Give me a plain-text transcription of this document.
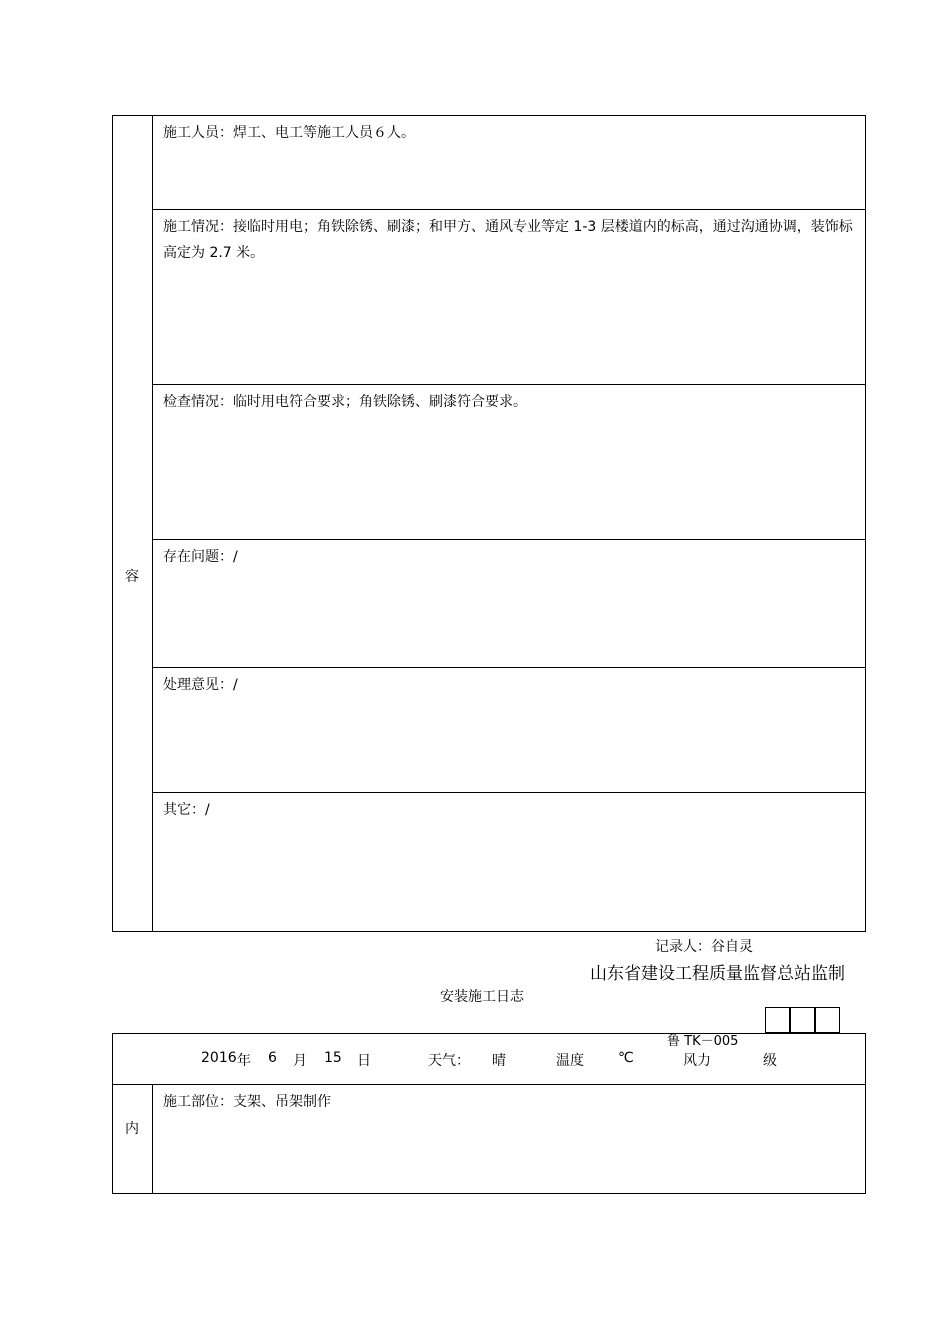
容
施工人员：焊工、电工等施工人员６人。
施工情况：接临时用电；角铁除锈、刷漆；和甲方、通风专业等定 1-3 层楼道内的标高，通过沟通协调，装饰标高定为 2.7 米。
检查情况：临时用电符合要求；角铁除锈、刷漆符合要求。
存在问题：/
处理意见：/
其它：/
记录人：谷自灵
山东省建设工程质量监督总站监制
安装施工日志
鲁 TK－005
2016 年 6 月 15 日	天气： 晴	温度 ℃	风力	级
内
施工部位：支架、吊架制作
